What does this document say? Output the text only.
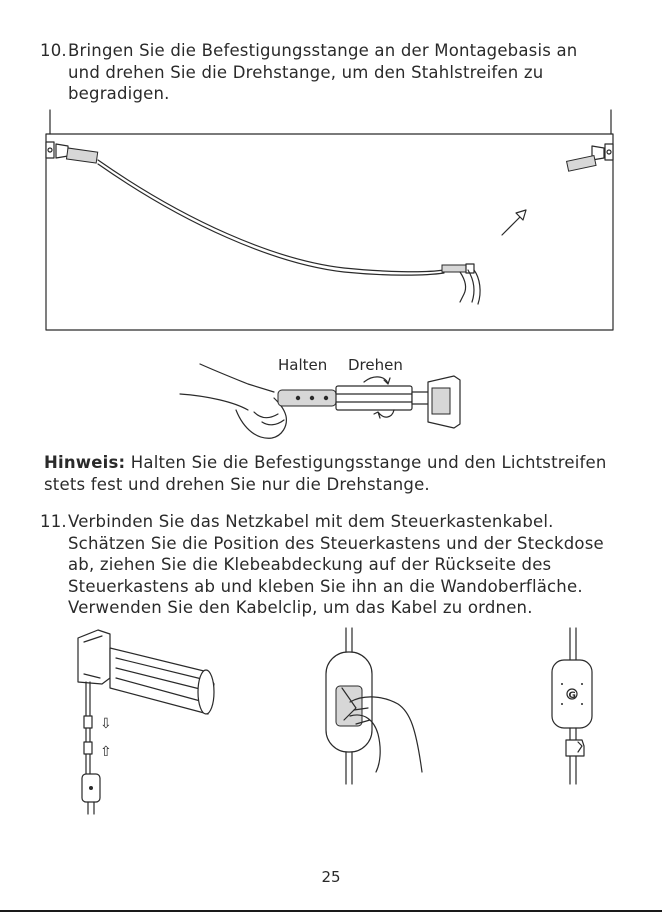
10. Bringen Sie die Befestigungsstange an der Montagebasis an
und drehen Sie die Drehstange, um den Stahlstreifen zu
begradigen.
Halten Drehen
Hinweis: Halten Sie die Befestigungsstange und den Lichtstreifen stets fest und drehen Sie nur die Drehstange.
11. Verbinden Sie das Netzkabel mit dem Steuerkastenkabel.
Schätzen Sie die Position des Steuerkastens und der Steckdose
ab, ziehen Sie die Klebeabdeckung auf der Rückseite des
Steuerkastens ab und kleben Sie ihn an die Wandoberfläche.
Verwenden Sie den Kabelclip, um das Kabel zu ordnen.
⇩
⇧
G
25
